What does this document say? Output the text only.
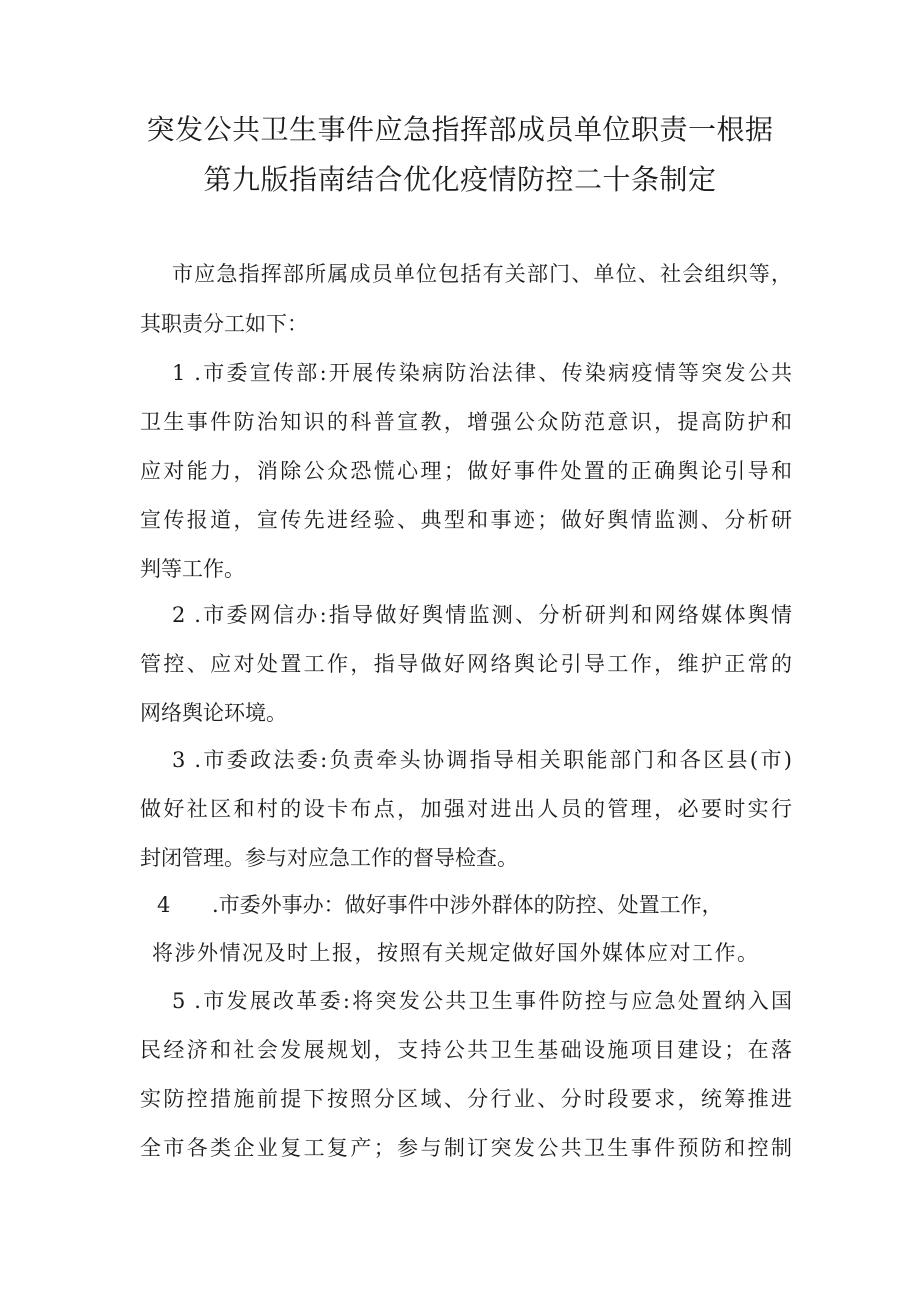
突发公共卫生事件应急指挥部成员单位职责一根据
第九版指南结合优化疫情防控二十条制定
市应急指挥部所属成员单位包括有关部门、单位、社会组织等，
其职责分工如下：
1 .市委宣传部:开展传染病防治法律、传染病疫情等突发公共
卫生事件防治知识的科普宣教，增强公众防范意识，提高防护和
应对能力，消除公众恐慌心理；做好事件处置的正确舆论引导和
宣传报道，宣传先进经验、典型和事迹；做好舆情监测、分析研
判等工作。
2 .市委网信办:指导做好舆情监测、分析研判和网络媒体舆情
管控、应对处置工作，指导做好网络舆论引导工作，维护正常的
网络舆论环境。
3 .市委政法委:负责牵头协调指导相关职能部门和各区县(市)
做好社区和村的设卡布点，加强对进出人员的管理，必要时实行
封闭管理。参与对应急工作的督导检查。
4 .市委外事办：做好事件中涉外群体的防控、处置工作，
将涉外情况及时上报，按照有关规定做好国外媒体应对工作。
5 .市发展改革委:将突发公共卫生事件防控与应急处置纳入国
民经济和社会发展规划，支持公共卫生基础设施项目建设；在落
实防控措施前提下按照分区域、分行业、分时段要求，统筹推进
全市各类企业复工复产；参与制订突发公共卫生事件预防和控制
